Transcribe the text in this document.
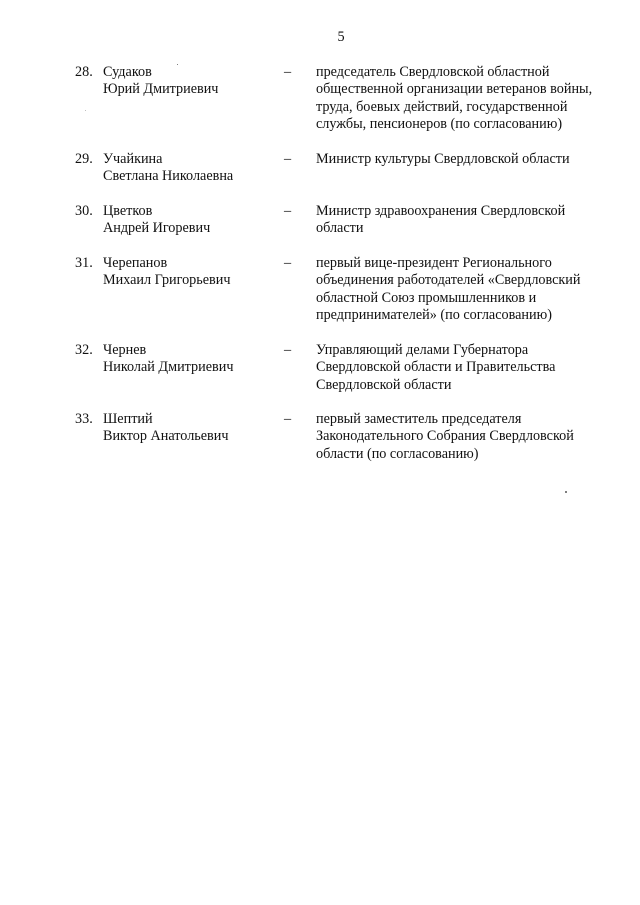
5
28. Судаков
Юрий Дмитриевич
–	председатель Свердловской областной
общественной организации ветеранов войны,
труда, боевых действий, государственной
службы, пенсионеров (по согласованию)
29. Учайкина
Светлана Николаевна
–	Министр культуры Свердловской области
30. Цветков
Андрей Игоревич
–	Министр здравоохранения Свердловской
области
31. Черепанов
Михаил Григорьевич
–	первый вице-президент Регионального
объединения работодателей «Свердловский
областной Союз промышленников и
предпринимателей» (по согласованию)
32. Чернев
Николай Дмитриевич
–	Управляющий делами Губернатора
Свердловской области и Правительства
Свердловской области
33. Шептий
Виктор Анатольевич
–	первый заместитель председателя
Законодательного Собрания Свердловской
области (по согласованию)
